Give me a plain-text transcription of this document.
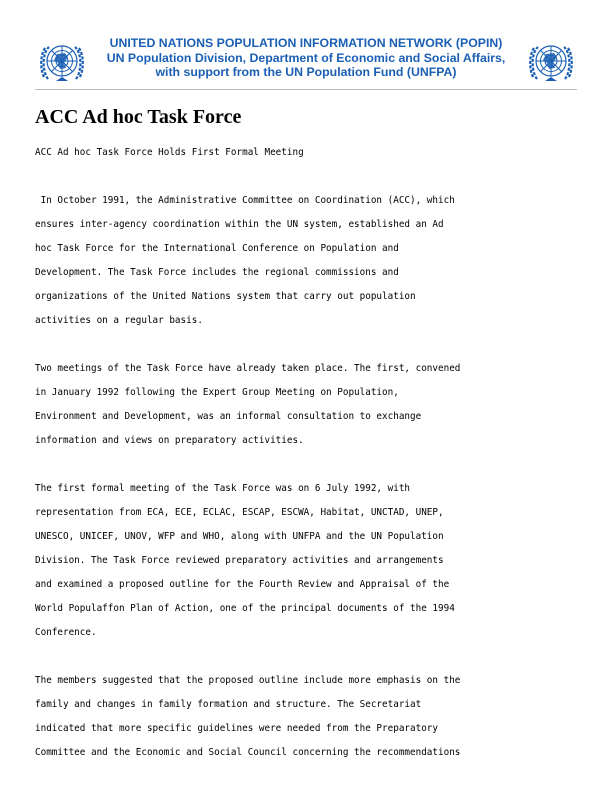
UNITED NATIONS POPULATION INFORMATION NETWORK (POPIN)
UN Population Division, Department of Economic and Social Affairs,
with support from the UN Population Fund (UNFPA)
ACC Ad hoc Task Force
ACC Ad hoc Task Force Holds First Formal Meeting
In October 1991, the Administrative Committee on Coordination (ACC), which
ensures inter-agency coordination within the UN system, established an Ad
hoc Task Force for the International Conference on Population and
Development. The Task Force includes the regional commissions and
organizations of the United Nations system that carry out population
activities on a regular basis.
Two meetings of the Task Force have already taken place. The first, convened
in January 1992 following the Expert Group Meeting on Population,
Environment and Development, was an informal consultation to exchange
information and views on preparatory activities.
The first formal meeting of the Task Force was on 6 July 1992, with
representation from ECA, ECE, ECLAC, ESCAP, ESCWA, Habitat, UNCTAD, UNEP,
UNESCO, UNICEF, UNOV, WFP and WHO, along with UNFPA and the UN Population
Division. The Task Force reviewed preparatory activities and arrangements
and examined a proposed outline for the Fourth Review and Appraisal of the
World Populaffon Plan of Action, one of the principal documents of the 1994
Conference.
The members suggested that the proposed outline include more emphasis on the
family and changes in family formation and structure. The Secretariat
indicated that more specific guidelines were needed from the Preparatory
Committee and the Economic and Social Council concerning the recommendations
